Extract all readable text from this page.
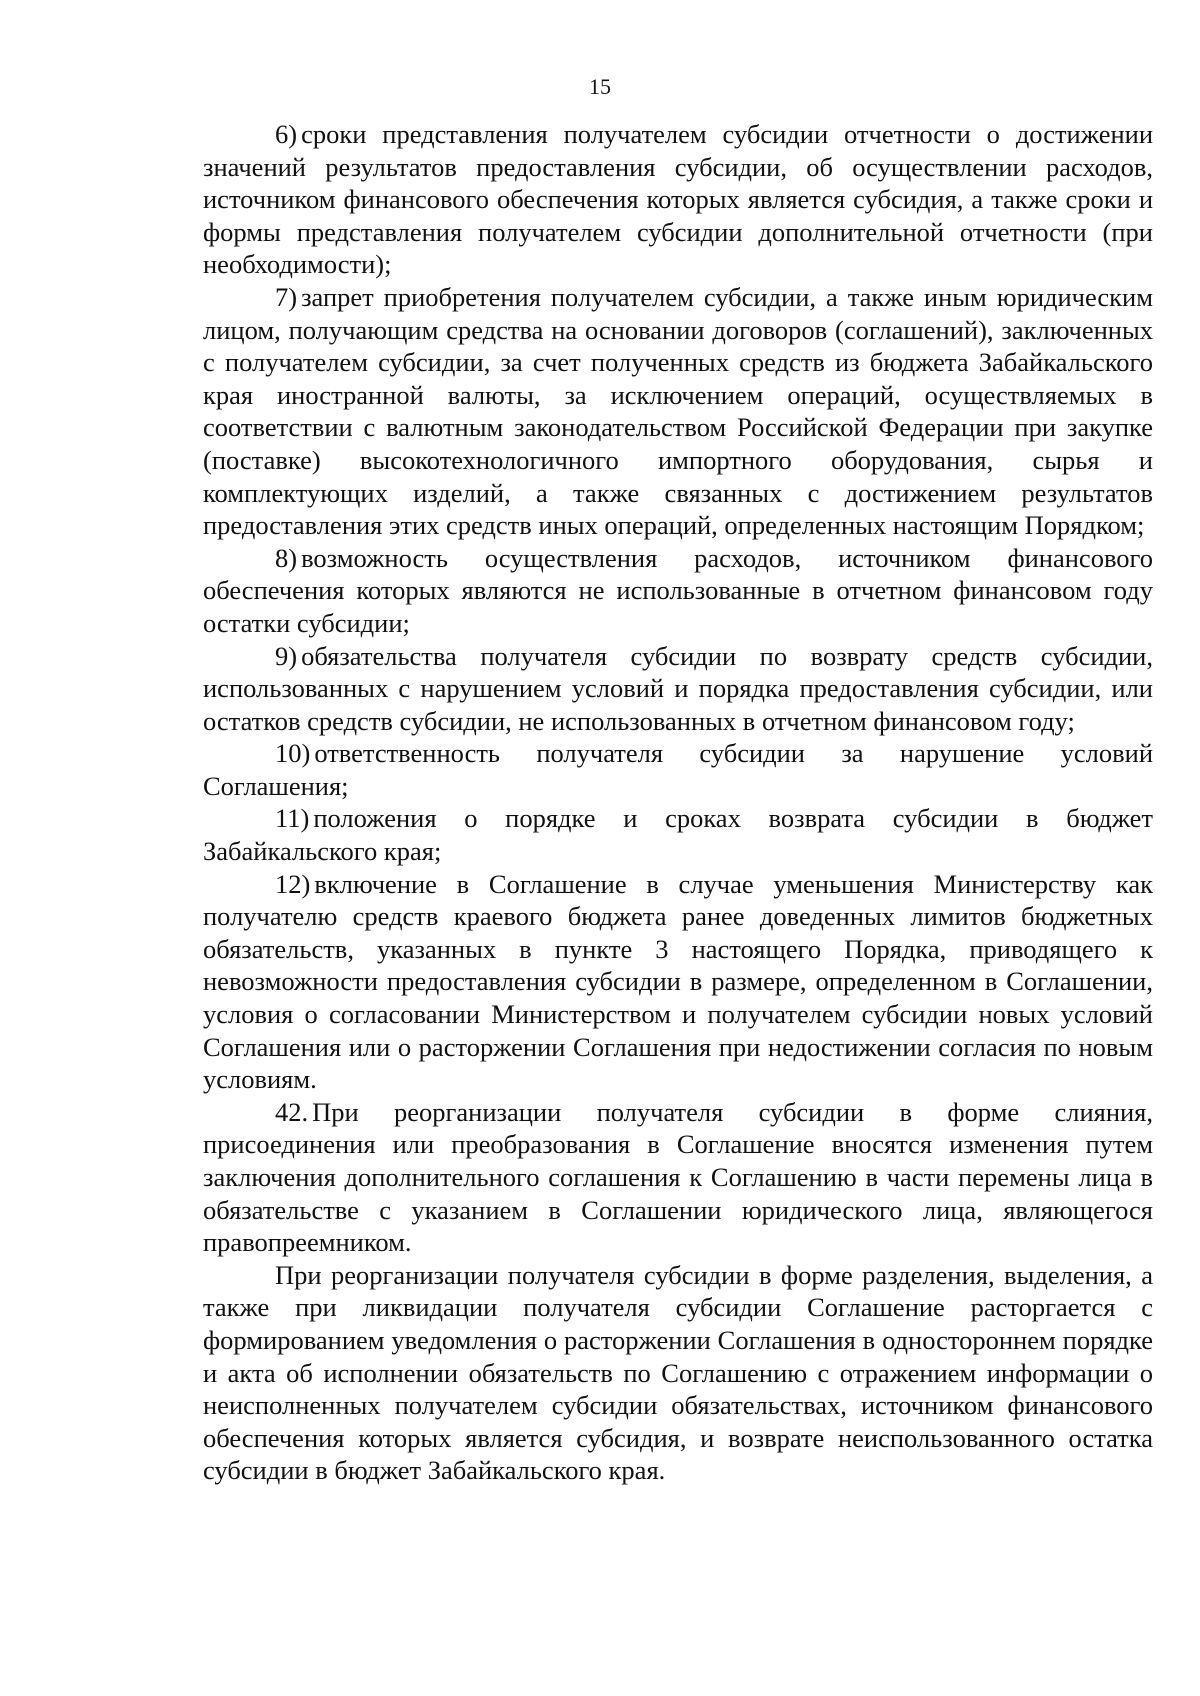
15

6) сроки представления получателем субсидии отчетности о достижении значений результатов предоставления субсидии, об осуществлении расходов, источником финансового обеспечения которых является субсидия, а также сроки и формы представления получателем субсидии дополнительной отчетности (при необходимости);

7) запрет приобретения получателем субсидии, а также иным юридическим лицом, получающим средства на основании договоров (соглашений), заключенных с получателем субсидии, за счет полученных средств из бюджета Забайкальского края иностранной валюты, за исключением операций, осуществляемых в соответствии с валютным законодательством Российской Федерации при закупке (поставке) высокотехнологичного импортного оборудования, сырья и комплектующих изделий, а также связанных с достижением результатов предоставления этих средств иных операций, определенных настоящим Порядком;

8) возможность осуществления расходов, источником финансового обеспечения которых являются не использованные в отчетном финансовом году остатки субсидии;

9) обязательства получателя субсидии по возврату средств субсидии, использованных с нарушением условий и порядка предоставления субсидии, или остатков средств субсидии, не использованных в отчетном финансовом году;

10) ответственность получателя субсидии за нарушение условий Соглашения;

11) положения о порядке и сроках возврата субсидии в бюджет Забайкальского края;

12) включение в Соглашение в случае уменьшения Министерству как получателю средств краевого бюджета ранее доведенных лимитов бюджетных обязательств, указанных в пункте 3 настоящего Порядка, приводящего к невозможности предоставления субсидии в размере, определенном в Соглашении, условия о согласовании Министерством и получателем субсидии новых условий Соглашения или о расторжении Соглашения при недостижении согласия по новым условиям.

42. При реорганизации получателя субсидии в форме слияния, присоединения или преобразования в Соглашение вносятся изменения путем заключения дополнительного соглашения к Соглашению в части перемены лица в обязательстве с указанием в Соглашении юридического лица, являющегося правопреемником.

При реорганизации получателя субсидии в форме разделения, выделения, а также при ликвидации получателя субсидии Соглашение расторгается с формированием уведомления о расторжении Соглашения в одностороннем порядке и акта об исполнении обязательств по Соглашению с отражением информации о неисполненных получателем субсидии обязательствах, источником финансового обеспечения которых является субсидия, и возврате неиспользованного остатка субсидии в бюджет Забайкальского края.
